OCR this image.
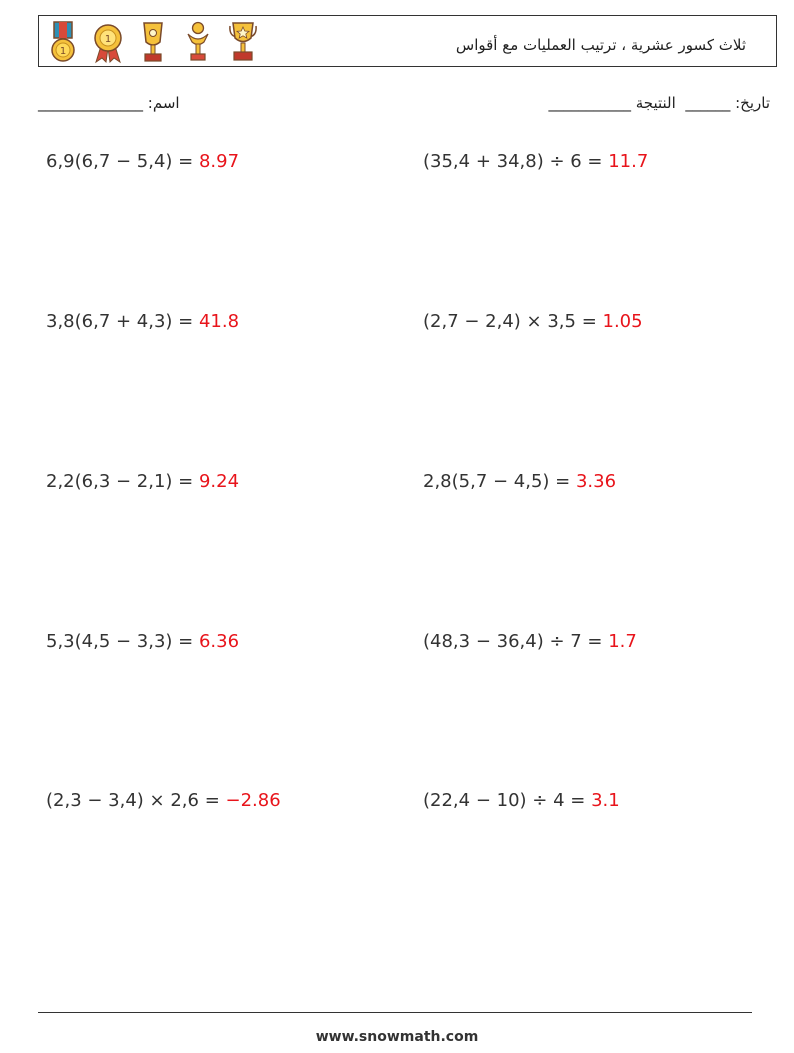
1
1	ثلاث كسور عشرية ، ترتيب العمليات مع أقواس
اسم: ______________	تاريخ: ______  النتيجة ___________
6,9(6,7 − 5,4) = 8.97	(35,4 + 34,8) ÷ 6 = 11.7
3,8(6,7 + 4,3) = 41.8	(2,7 − 2,4) × 3,5 = 1.05
2,2(6,3 − 2,1) = 9.24	2,8(5,7 − 4,5) = 3.36
5,3(4,5 − 3,3) = 6.36	(48,3 − 36,4) ÷ 7 = 1.7
(2,3 − 3,4) × 2,6 = −2.86	(22,4 − 10) ÷ 4 = 3.1
www.snowmath.com
